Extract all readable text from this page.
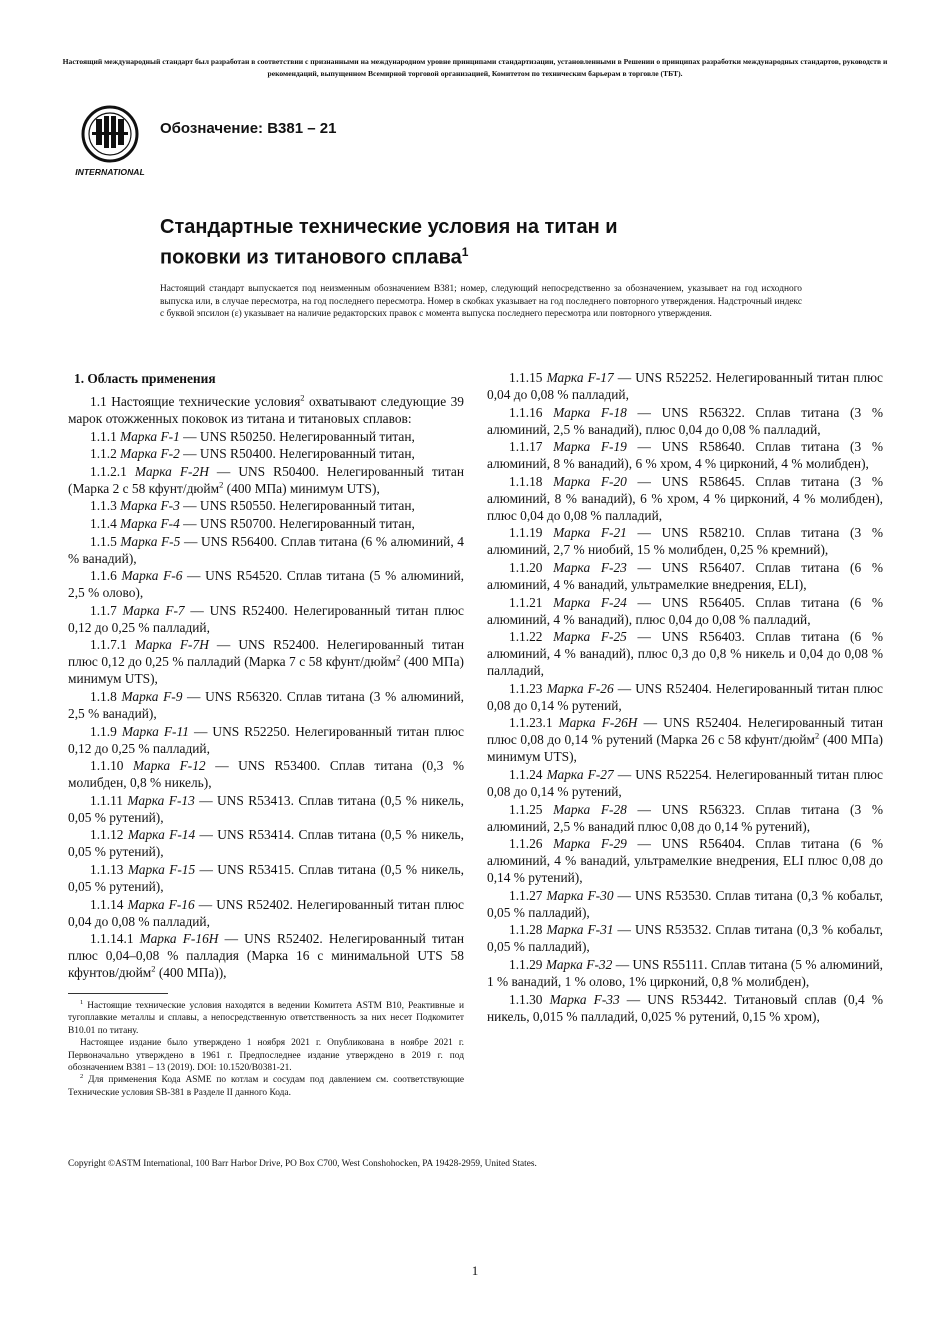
Настоящий международный стандарт был разработан в соответствии с признанными на международном уровне принципами стандартизации, установленными в Решении о принципах разработки международных стандартов, руководств и рекомендаций, выпущенном Всемирной торговой организацией, Комитетом по техническим барьерам в торговле (ТБТ).
INTERNATIONAL
Обозначение: B381 – 21
Стандартные технические условия на титан и
поковки из титанового сплава$^1$
Настоящий стандарт выпускается под неизменным обозначением B381; номер, следующий непосредственно за обозначением, указывает на год исходного выпуска или, в случае пересмотра, на год последнего пересмотра. Номер в скобках указывает на год последнего повторного утверждения. Надстрочный индекс с буквой эпсилон (ε) указывает на наличие редакторских правок с момента выпуска последнего пересмотра или повторного утверждения.

1. Область применения

1.1 Настоящие технические условия$^2$ охватывают следующие 39 марок отожженных поковок из титана и титановых сплавов:

1.1.1 Марка F-1 — UNS R50250. Нелегированный титан,

1.1.2 Марка F-2 — UNS R50400. Нелегированный титан,

1.1.2.1 Марка F-2H — UNS R50400. Нелегированный титан (Марка 2 с 58 кфунт/дюйм$^2$ (400 МПа) минимум UTS),

1.1.3 Марка F-3 — UNS R50550. Нелегированный титан,

1.1.4 Марка F-4 — UNS R50700. Нелегированный титан,

1.1.5 Марка F-5 — UNS R56400. Сплав титана (6 % алюминий, 4 % ванадий),

1.1.6 Марка F-6 — UNS R54520. Сплав титана (5 % алюминий, 2,5 % олово),

1.1.7 Марка F-7 — UNS R52400. Нелегированный титан плюс 0,12 до 0,25 % палладий,

1.1.7.1 Марка F-7H — UNS R52400. Нелегированный титан плюс 0,12 до 0,25 % палладий (Марка 7 с 58 кфунт/дюйм$^2$ (400 МПа) минимум UTS),

1.1.8 Марка F-9 — UNS R56320. Сплав титана (3 % алюминий, 2,5 % ванадий),

1.1.9 Марка F-11 — UNS R52250. Нелегированный титан плюс 0,12 до 0,25 % палладий,

1.1.10 Марка F-12 — UNS R53400. Сплав титана (0,3 % молибден, 0,8 % никель),

1.1.11 Марка F-13 — UNS R53413. Сплав титана (0,5 % никель, 0,05 % рутений),

1.1.12 Марка F-14 — UNS R53414. Сплав титана (0,5 % никель, 0,05 % рутений),

1.1.13 Марка F-15 — UNS R53415. Сплав титана (0,5 % никель, 0,05 % рутений),

1.1.14 Марка F-16 — UNS R52402. Нелегированный титан плюс 0,04 до 0,08 % палладий,

1.1.14.1 Марка F-16H — UNS R52402. Нелегированный титан плюс 0,04–0,08 % палладия (Марка 16 с минимальной UTS 58 кфунтов/дюйм$^2$ (400 МПа)),

1.1.15 Марка F-17 — UNS R52252. Нелегированный титан плюс 0,04 до 0,08 % палладий,

1.1.16 Марка F-18 — UNS R56322. Сплав титана (3 % алюминий, 2,5 % ванадий), плюс 0,04 до 0,08 % палладий,

1.1.17 Марка F-19 — UNS R58640. Сплав титана (3 % алюминий, 8 % ванадий), 6 % хром, 4 % цирконий, 4 % молибден),

1.1.18 Марка F-20 — UNS R58645. Сплав титана (3 % алюминий, 8 % ванадий), 6 % хром, 4 % цирконий, 4 % молибден), плюс 0,04 до 0,08 % палладий,

1.1.19 Марка F-21 — UNS R58210. Сплав титана (3 % алюминий, 2,7 % ниобий, 15 % молибден, 0,25 % кремний),

1.1.20 Марка F-23 — UNS R56407. Сплав титана (6 % алюминий, 4 % ванадий, ультрамелкие внедрения, ELI),

1.1.21 Марка F-24 — UNS R56405. Сплав титана (6 % алюминий, 4 % ванадий), плюс 0,04 до 0,08 % палладий,

1.1.22 Марка F-25 — UNS R56403. Сплав титана (6 % алюминий, 4 % ванадий), плюс 0,3 до 0,8 % никель и 0,04 до 0,08 % палладий,

1.1.23 Марка F-26 — UNS R52404. Нелегированный титан плюс 0,08 до 0,14 % рутений,

1.1.23.1 Марка F-26H — UNS R52404. Нелегированный титан плюс 0,08 до 0,14 % рутений (Марка 26 с 58 кфунт/дюйм$^2$ (400 МПа) минимум UTS),

1.1.24 Марка F-27 — UNS R52254. Нелегированный титан плюс 0,08 до 0,14 % рутений,

1.1.25 Марка F-28 — UNS R56323. Сплав титана (3 % алюминий, 2,5 % ванадий плюс 0,08 до 0,14 % рутений),

1.1.26 Марка F-29 — UNS R56404. Сплав титана (6 % алюминий, 4 % ванадий, ультрамелкие внедрения, ELI плюс 0,08 до 0,14 % рутений),

1.1.27 Марка F-30 — UNS R53530. Сплав титана (0,3 % кобальт, 0,05 % палладий),

1.1.28 Марка F-31 — UNS R53532. Сплав титана (0,3 % кобальт, 0,05 % палладий),

1.1.29 Марка F-32 — UNS R55111. Сплав титана (5 % алюминий, 1 % ванадий, 1 % олово, 1% цирконий, 0,8 % молибден),

1.1.30 Марка F-33 — UNS R53442. Титановый сплав (0,4 % никель, 0,015 % палладий, 0,025 % рутений, 0,15 % хром),

$^1$ Настоящие технические условия находятся в ведении Комитета ASTM B10, Реактивные и тугоплавкие металлы и сплавы, а непосредственную ответственность за них несет Подкомитет B10.01 по титану.

Настоящее издание было утверждено 1 ноября 2021 г. Опубликована в ноябре 2021 г. Первоначально утверждено в 1961 г. Предпоследнее издание утверждено в 2019 г. под обозначением B381 – 13 (2019). DOI: 10.1520/B0381-21.

$^2$ Для применения Кода ASME по котлам и сосудам под давлением см. соответствующие Технические условия SB-381 в Разделе II данного Кода.

Copyright ©ASTM International, 100 Barr Harbor Drive, PO Box C700, West Conshohocken, PA 19428-2959, United States.
1
